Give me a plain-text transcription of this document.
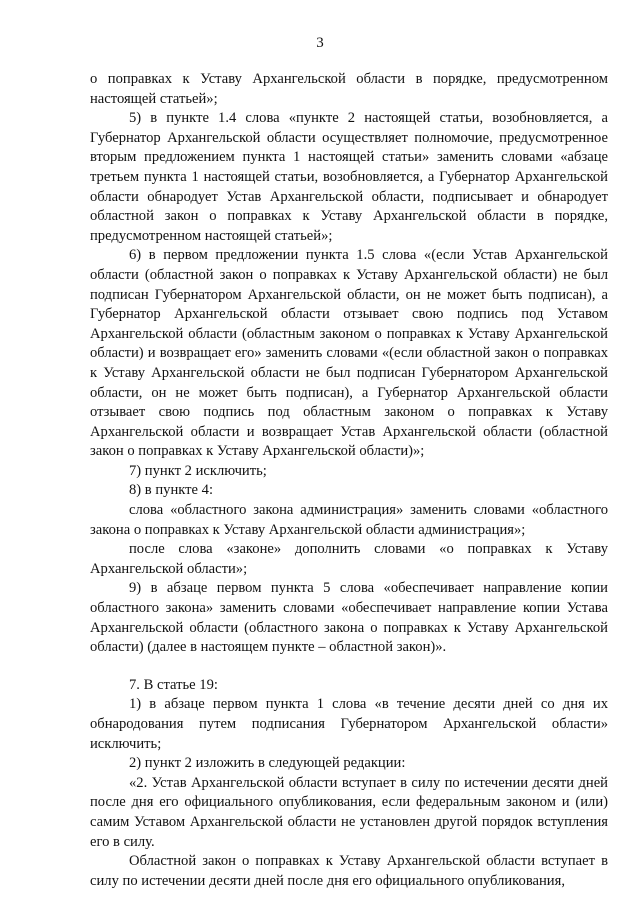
3

о поправках к Уставу Архангельской области в порядке, предусмотренном настоящей статьей»;

5) в пункте 1.4 слова «пункте 2 настоящей статьи, возобновляется, а Губернатор Архангельской области осуществляет полномочие, предусмотренное вторым предложением пункта 1 настоящей статьи» заменить словами «абзаце третьем пункта 1 настоящей статьи, возобновляется, а Губернатор Архангельской области обнародует Устав Архангельской области, подписывает и обнародует областной закон о поправках к Уставу Архангельской области в порядке, предусмотренном настоящей статьей»;

6) в первом предложении пункта 1.5 слова «(если Устав Архангельской области (областной закон о поправках к Уставу Архангельской области) не был подписан Губернатором Архангельской области, он не может быть подписан), а Губернатор Архангельской области отзывает свою подпись под Уставом Архангельской области (областным законом о поправках к Уставу Архангельской области) и возвращает его» заменить словами «(если областной закон о поправках к Уставу Архангельской области не был подписан Губернатором Архангельской области, он не может быть подписан), а Губернатор Архангельской области отзывает свою подпись под областным законом о поправках к Уставу Архангельской области и возвращает Устав Архангельской области (областной закон о поправках к Уставу Архангельской области)»;

7) пункт 2 исключить;

8) в пункте 4:

слова «областного закона администрация» заменить словами «областного закона о поправках к Уставу Архангельской области администрация»;

после слова «законе» дополнить словами «о поправках к Уставу Архангельской области»;

9) в абзаце первом пункта 5 слова «обеспечивает направление копии областного закона» заменить словами «обеспечивает направление копии Устава Архангельской области (областного закона о поправках к Уставу Архангельской области) (далее в настоящем пункте – областной закон)».

7. В статье 19:

1) в абзаце первом пункта 1 слова «в течение десяти дней со дня их обнародования путем подписания Губернатором Архангельской области» исключить;

2) пункт 2 изложить в следующей редакции:

«2. Устав Архангельской области вступает в силу по истечении десяти дней после дня его официального опубликования, если федеральным законом и (или) самим Уставом Архангельской области не установлен другой порядок вступления его в силу.

Областной закон о поправках к Уставу Архангельской области вступает в силу по истечении десяти дней после дня его официального опубликования,
